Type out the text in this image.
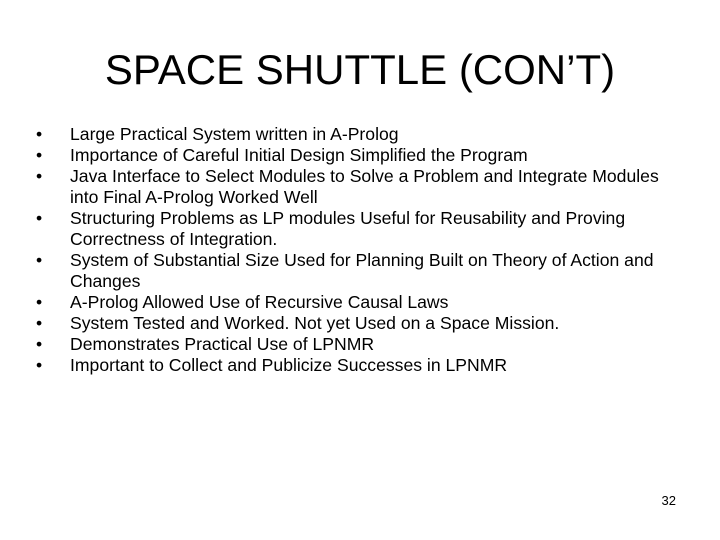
SPACE SHUTTLE (CON’T)
•	Large Practical System written in A-Prolog
•	Importance of Careful Initial Design Simplified the Program
•	Java Interface to Select Modules to Solve a Problem and Integrate Modules into Final A-Prolog Worked Well
•	Structuring Problems as LP modules Useful for Reusability and Proving Correctness of Integration.
•	System of Substantial Size Used for Planning Built on Theory of Action and Changes
•	A-Prolog Allowed Use of Recursive Causal Laws
•	System Tested and Worked. Not yet Used on a Space Mission.
•	Demonstrates Practical Use of LPNMR
•	Important to Collect and Publicize Successes in LPNMR
32
